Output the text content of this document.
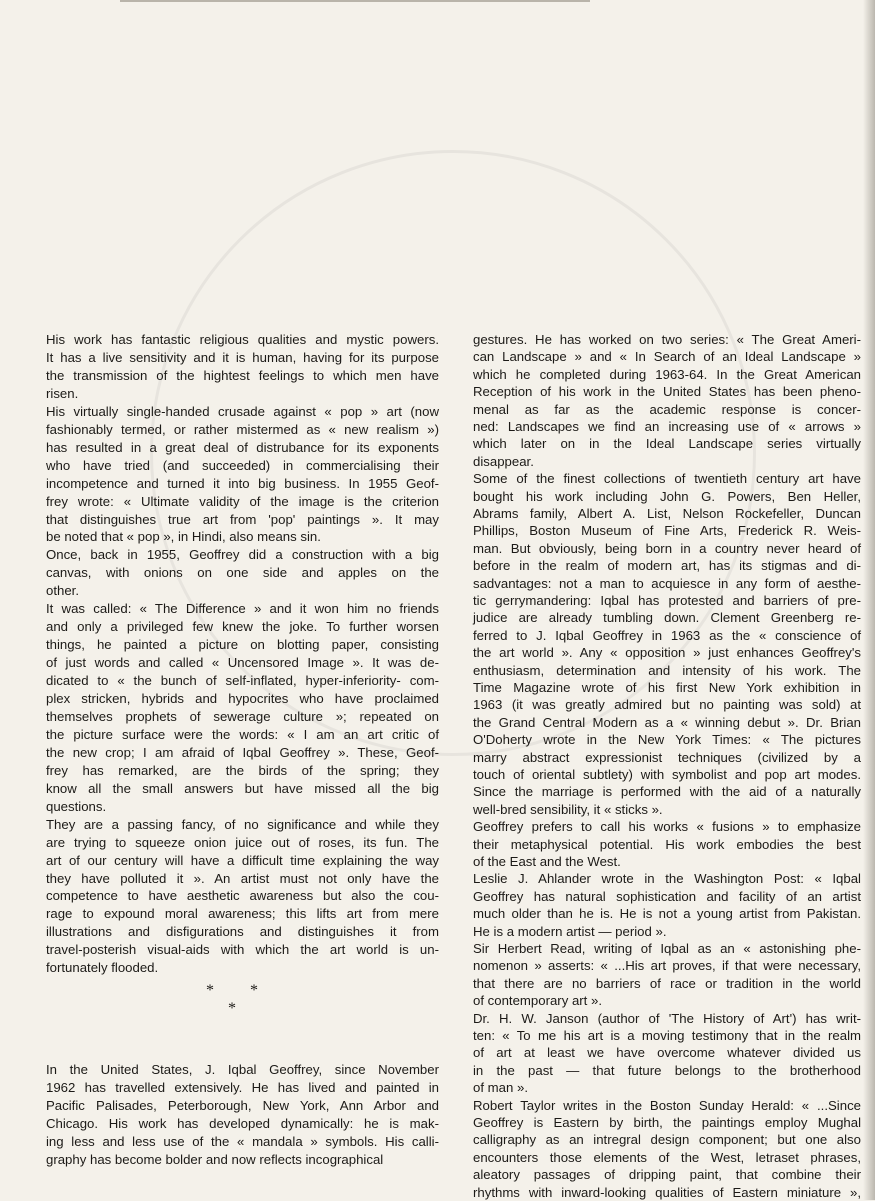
His work has fantastic religious qualities and mystic powers.
It has a live sensitivity and it is human, having for its purpose
the transmission of the hightest feelings to which men have
risen.
His virtually single-handed crusade against « pop » art (now
fashionably termed, or rather mistermed as « new realism »)
has resulted in a great deal of distrubance for its exponents
who have tried (and succeeded) in commercialising their
incompetence and turned it into big business. In 1955 Geof-
frey wrote: « Ultimate validity of the image is the criterion
that distinguishes true art from 'pop' paintings ». It may
be noted that « pop », in Hindi, also means sin.
Once, back in 1955, Geoffrey did a construction with a big
canvas, with onions on one side and apples on the
other.
It was called: « The Difference » and it won him no friends
and only a privileged few knew the joke. To further worsen
things, he painted a picture on blotting paper, consisting
of just words and called « Uncensored Image ». It was de-
dicated to « the bunch of self-inflated, hyper-inferiority- com-
plex stricken, hybrids and hypocrites who have proclaimed
themselves prophets of sewerage culture »; repeated on
the picture surface were the words: « I am an art critic of
the new crop; I am afraid of Iqbal Geoffrey ». These, Geof-
frey has remarked, are the birds of the spring; they
know all the small answers but have missed all the big
questions.
They are a passing fancy, of no significance and while they
are trying to squeeze onion juice out of roses, its fun. The
art of our century will have a difficult time explaining the way
they have polluted it ». An artist must not only have the
competence to have aesthetic awareness but also the cou-
rage to expound moral awareness; this lifts art from mere
illustrations and disfigurations and distinguishes it from
travel-posterish visual-aids with which the art world is un-
fortunately flooded.
In the United States, J. Iqbal Geoffrey, since November
1962 has travelled extensively. He has lived and painted in
Pacific Palisades, Peterborough, New York, Ann Arbor and
Chicago. His work has developed dynamically: he is mak-
ing less and less use of the « mandala » symbols. His calli-
graphy has become bolder and now reflects incographical
gestures. He has worked on two series: « The Great Ameri-
can Landscape » and « In Search of an Ideal Landscape »
which he completed during 1963-64. In the Great American
Reception of his work in the United States has been pheno-
menal as far as the academic response is concer-
ned: Landscapes we find an increasing use of « arrows »
which later on in the Ideal Landscape series virtually
disappear.
Some of the finest collections of twentieth century art have
bought his work including John G. Powers, Ben Heller,
Abrams family, Albert A. List, Nelson Rockefeller, Duncan
Phillips, Boston Museum of Fine Arts, Frederick R. Weis-
man. But obviously, being born in a country never heard of
before in the realm of modern art, has its stigmas and di-
sadvantages: not a man to acquiesce in any form of aesthe-
tic gerrymandering: Iqbal has protested and barriers of pre-
judice are already tumbling down. Clement Greenberg re-
ferred to J. Iqbal Geoffrey in 1963 as the « conscience of
the art world ». Any « opposition » just enhances Geoffrey's
enthusiasm, determination and intensity of his work. The
Time Magazine wrote of his first New York exhibition in
1963 (it was greatly admired but no painting was sold) at
the Grand Central Modern as a « winning debut ». Dr. Brian
O'Doherty wrote in the New York Times: « The pictures
marry abstract expressionist techniques (civilized by a
touch of oriental subtlety) with symbolist and pop art modes.
Since the marriage is performed with the aid of a naturally
well-bred sensibility, it « sticks ».
Geoffrey prefers to call his works « fusions » to emphasize
their metaphysical potential. His work embodies the best
of the East and the West.
Leslie J. Ahlander wrote in the Washington Post: « Iqbal
Geoffrey has natural sophistication and facility of an artist
much older than he is. He is not a young artist from Pakistan.
He is a modern artist — period ».
Sir Herbert Read, writing of Iqbal as an « astonishing phe-
nomenon » asserts: « ...His art proves, if that were necessary,
that there are no barriers of race or tradition in the world
of contemporary art ».
Dr. H. W. Janson (author of 'The History of Art') has writ-
ten: « To me his art is a moving testimony that in the realm
of art at least we have overcome whatever divided us
in the past — that future belongs to the brotherhood
of man ».
Robert Taylor writes in the Boston Sunday Herald: « ...Since
Geoffrey is Eastern by birth, the paintings employ Mughal
calligraphy as an intregral design component; but one also
encounters those elements of the West, letraset phrases,
aleatory passages of dripping paint, that combine their
rhythms with inward-looking qualities of Eastern miniature »,
* * *
